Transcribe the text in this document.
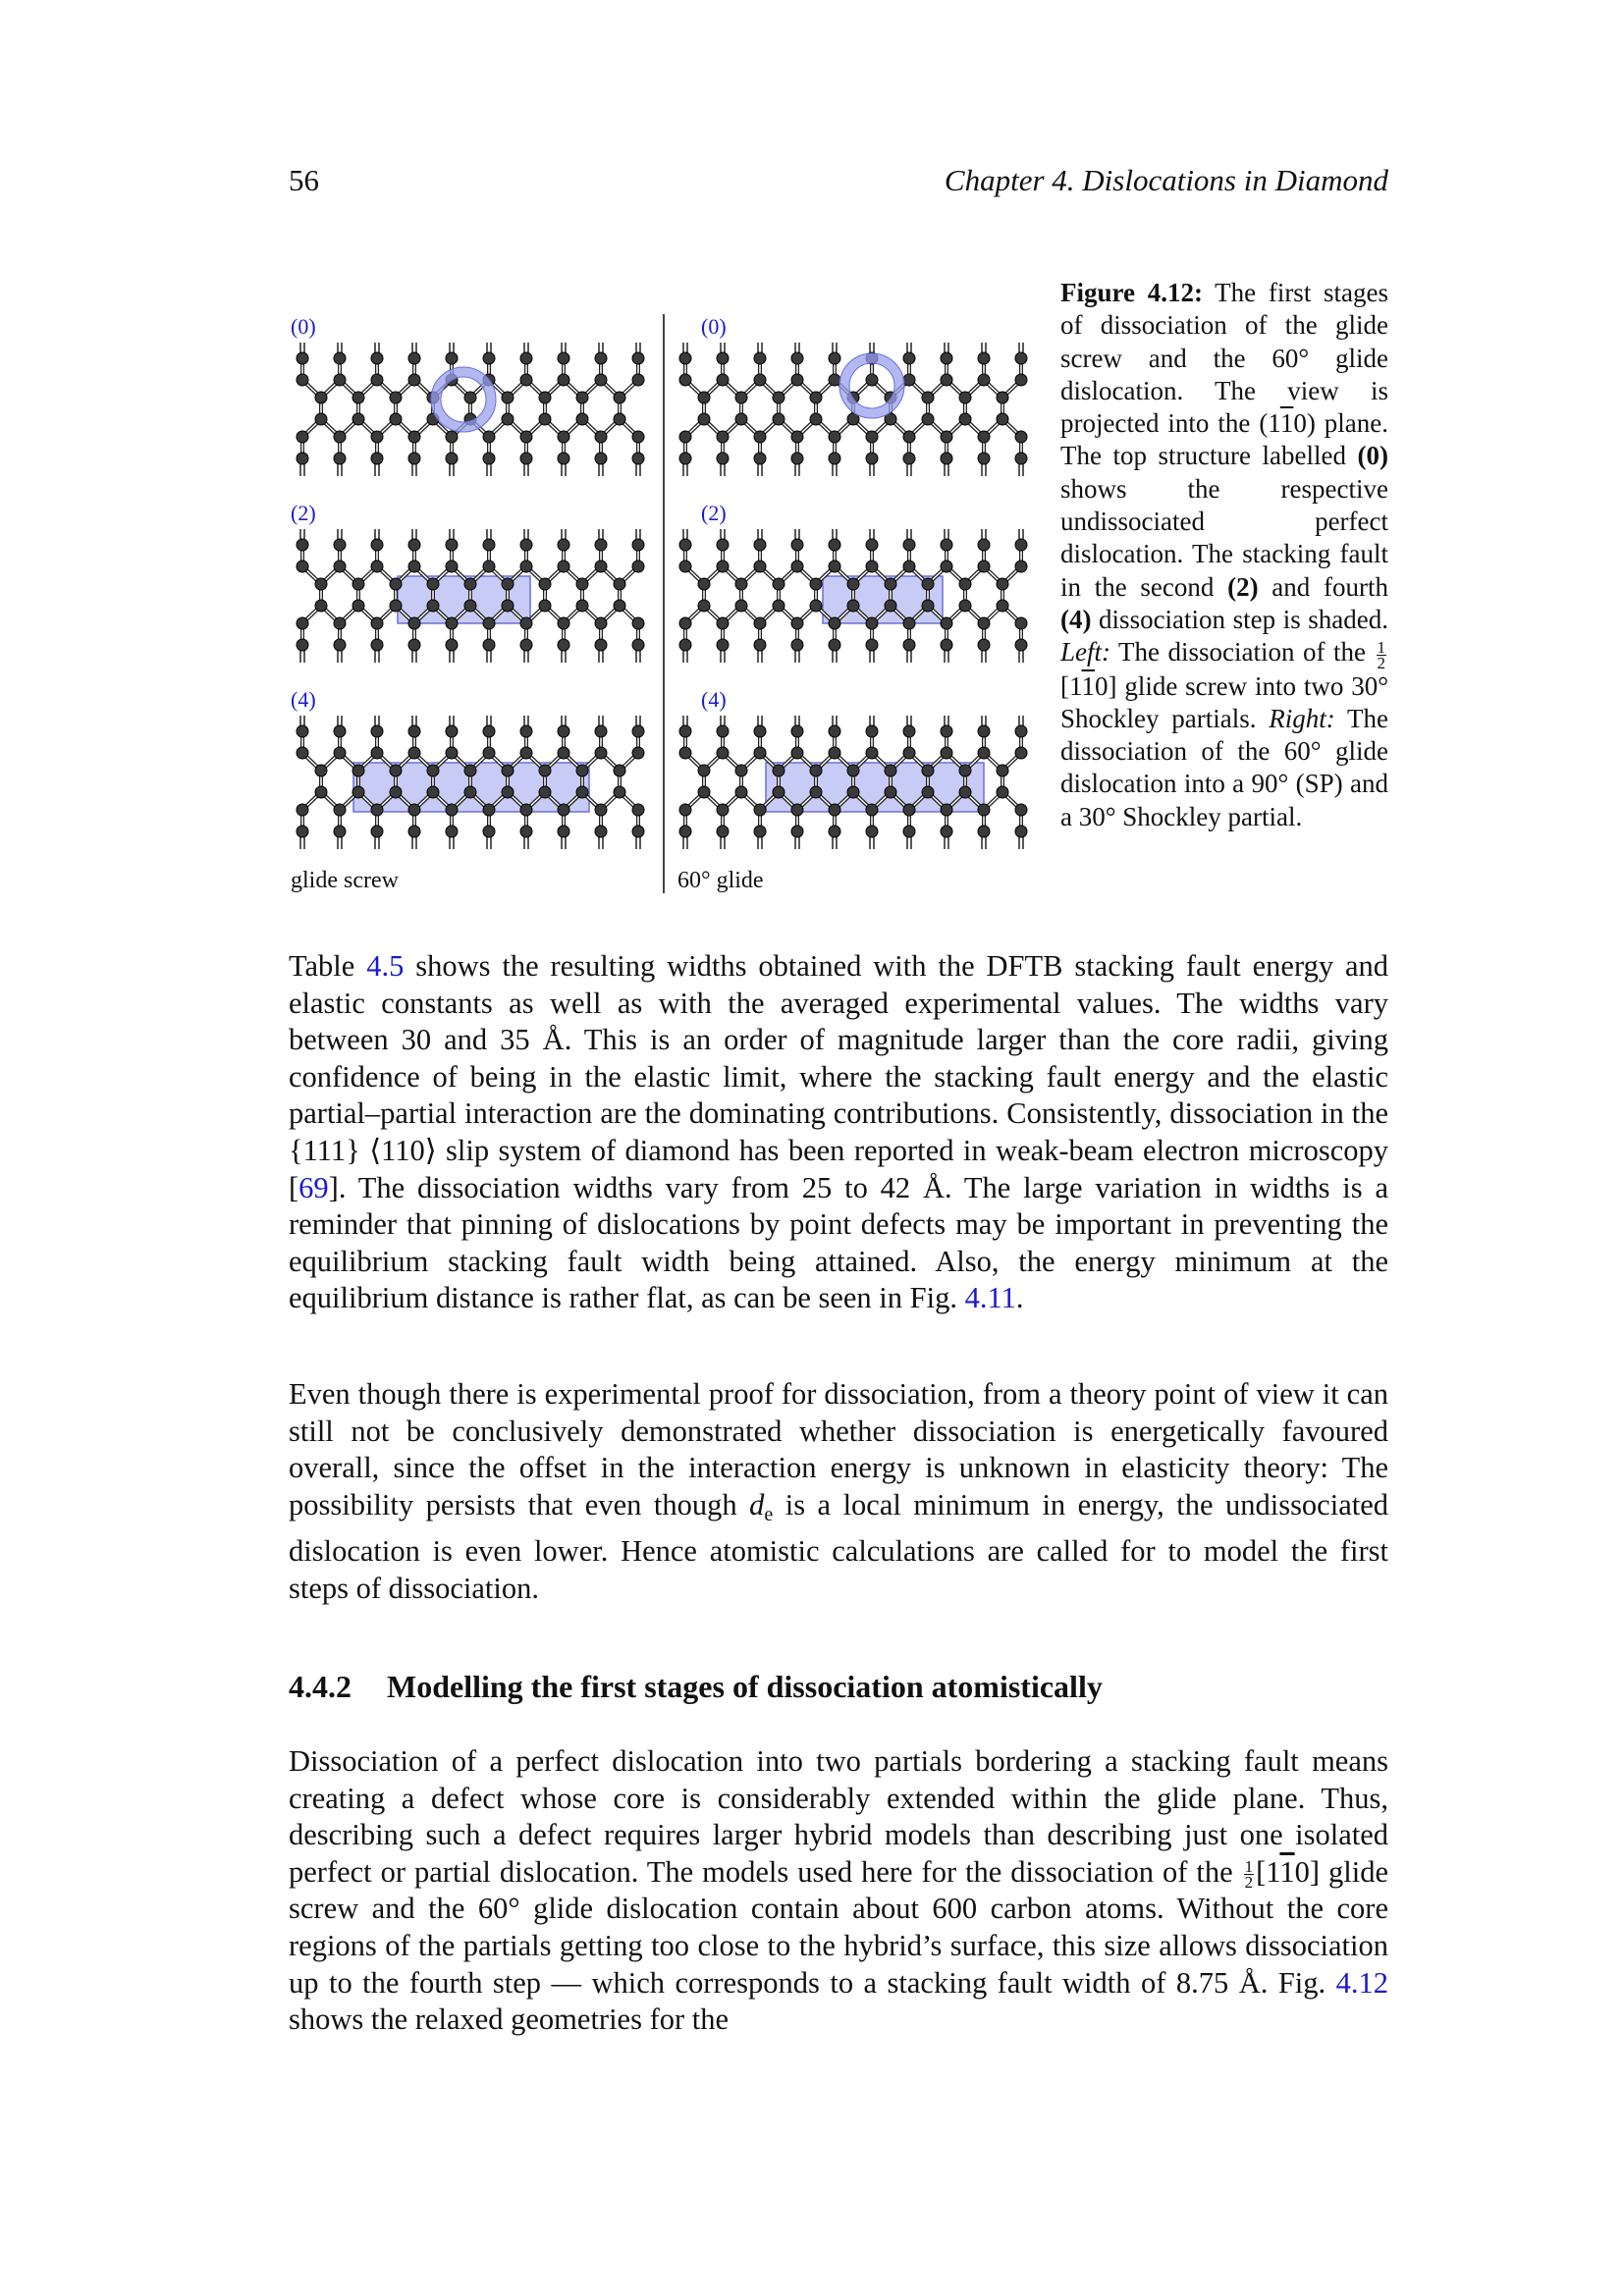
56	Chapter 4. Dislocations in Diamond
(0)	(0)
(2)	(2)
(4)	(4)
glide screw	60° glide
Figure 4.12: The first stages of dissociation of the glide screw and the 60° glide dislocation. The view is projected into the (110) plane. The top structure labelled (0) shows the respective undissociated perfect dislocation. The stacking fault in the second (2) and fourth (4) dissociation step is shaded. Left: The dissociation of the $\frac{1}{2}$
[110] glide screw into two 30° Shockley partials. Right: The dissociation of the 60° glide dislocation into a 90° (SP) and a 30° Shockley partial.

Table 4.5 shows the resulting widths obtained with the DFTB stacking fault energy and elastic constants as well as with the averaged experimental values. The widths vary between 30 and 35 Å. This is an order of magnitude larger than the core radii, giving confidence of being in the elastic limit, where the stacking fault energy and the elastic partial–partial interaction are the dominating contributions. Consistently, dissociation in the {111} ⟨110⟩ slip system of diamond has been reported in weak-beam electron microscopy [69]. The dissociation widths vary from 25 to 42 Å. The large variation in widths is a reminder that pinning of dislocations by point defects may be important in preventing the equilibrium stacking fault width being attained. Also, the energy minimum at the equilibrium distance is rather flat, as can be seen in Fig. 4.11.

Even though there is experimental proof for dissociation, from a theory point of view it can still not be conclusively demonstrated whether dissociation is energetically favoured overall, since the offset in the interaction energy is unknown in elasticity theory: The possibility persists that even though $d_e$ is a local minimum in energy, the undissociated dislocation is even lower. Hence atomistic calculations are called for to model the first steps of dissociation.

4.4.2 Modelling the first stages of dissociation atomistically

Dissociation of a perfect dislocation into two partials bordering a stacking fault means creating a defect whose core is considerably extended within the glide plane. Thus, describing such a defect requires larger hybrid models than describing just one isolated perfect or partial dislocation. The models used here for the dissociation of the $\frac{1}{2} [110]$ glide screw and the 60° glide dislocation contain about 600 carbon atoms. Without the core regions of the partials getting too close to the hybrid’s surface, this size allows dissociation up to the fourth step — which corresponds to a stacking fault width of 8.75 Å. Fig. 4.12 shows the relaxed geometries for the
